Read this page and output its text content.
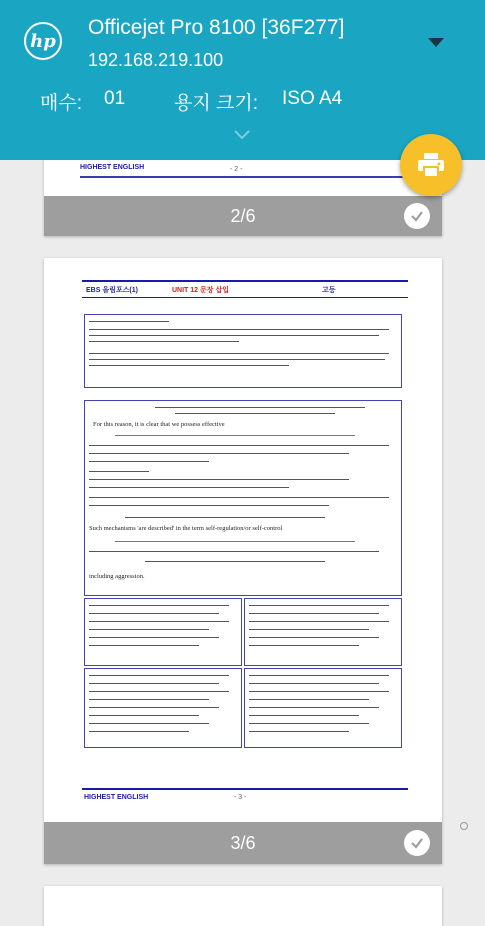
hp
Officejet Pro 8100 [36F277]
192.168.219.100
매수: 01	용지 크기: ISO A4
HIGHEST ENGLISH	- 2 -
2/6
EBS 올림포스(1)	UNIT 12 문장 삽입	고등
For this reason, it is clear that we possess effective
Such mechanisms 'are described' in the term self-regulation/or self-control
including aggression.
HIGHEST ENGLISH	- 3 -
3/6
